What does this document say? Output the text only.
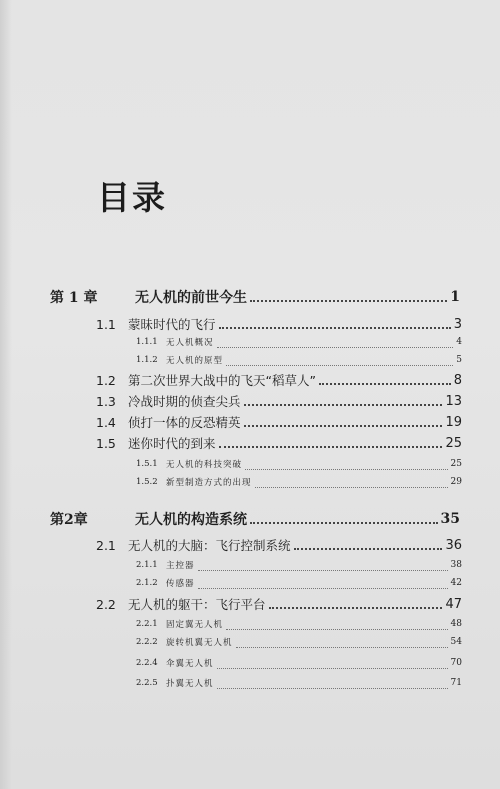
目录
第 1 章	无人机的前世今生	1
1.1 蒙昧时代的飞行	3
1.1.1 无人机概况	4
1.1.2 无人机的原型	5
1.2 第二次世界大战中的飞天“稻草人”	8
1.3 冷战时期的侦查尖兵	13
1.4 侦打一体的反恐精英	19
1.5 迷你时代的到来	25
1.5.1 无人机的科技突破	25
1.5.2 新型制造方式的出现	29
第2章	无人机的构造系统	35
2.1 无人机的大脑：飞行控制系统	36
2.1.1 主控器	38
2.1.2 传感器	42
2.2 无人机的躯干：飞行平台	47
2.2.1 固定翼无人机	48
2.2.2 旋转机翼无人机	54
2.2.4 伞翼无人机	70
2.2.5 扑翼无人机	71
